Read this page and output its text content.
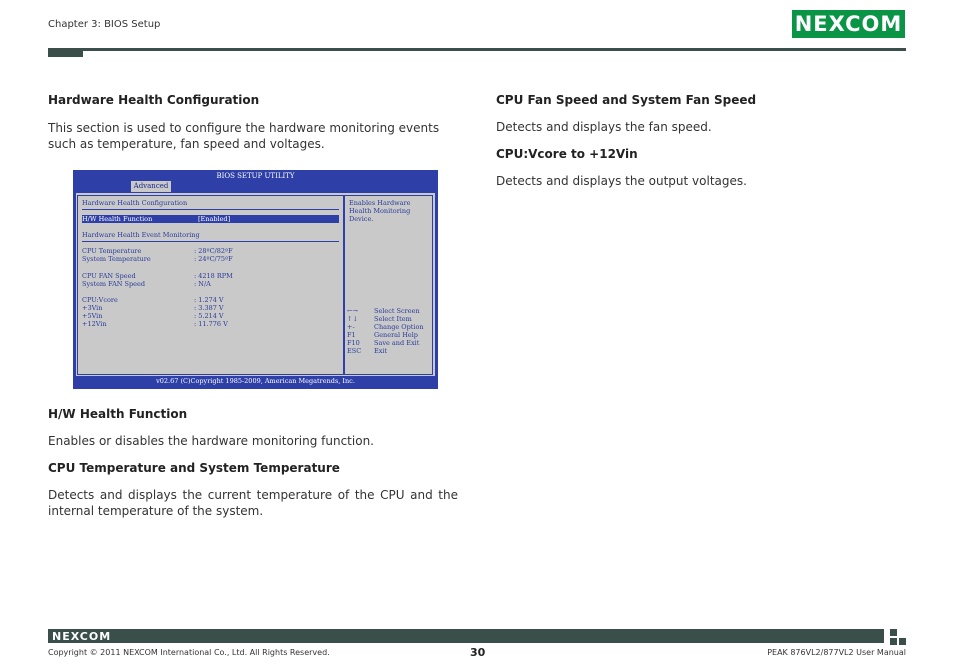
Chapter 3: BIOS Setup	NEXCOM
Hardware Health Configuration
This section is used to configure the hardware monitoring events such as temperature, fan speed and voltages.
BIOS SETUP UTILITY
Advanced
Hardware Health Configuration
H/W Health Function	[Enabled]
Hardware Health Event Monitoring
CPU Temperature	: 28ºC/82ºF
System Temperature	: 24ºC/75ºF
CPU FAN Speed	: 4218 RPM
System FAN Speed	: N/A
CPU:Vcore	: 1.274 V
+3Vin	: 3.387 V
+5Vin	: 5.214 V
+12Vin	: 11.776 V
Enables Hardware
Health Monitoring
Device.
←→ Select Screen
↑↓ Select Item
+-	Change Option
F1	General Help
F10 Save and Exit
ESC Exit
v02.67 (C)Copyright 1985-2009, American Megatrends, Inc.
H/W Health Function
Enables or disables the hardware monitoring function.
CPU Temperature and System Temperature
Detects and displays the current temperature of the CPU and the internal temperature of the system.
CPU Fan Speed and System Fan Speed
Detects and displays the fan speed.
CPU:Vcore to +12Vin
Detects and displays the output voltages.
NEXCOM
Copyright © 2011 NEXCOM International Co., Ltd. All Rights Reserved.	30	PEAK 876VL2/877VL2 User Manual
